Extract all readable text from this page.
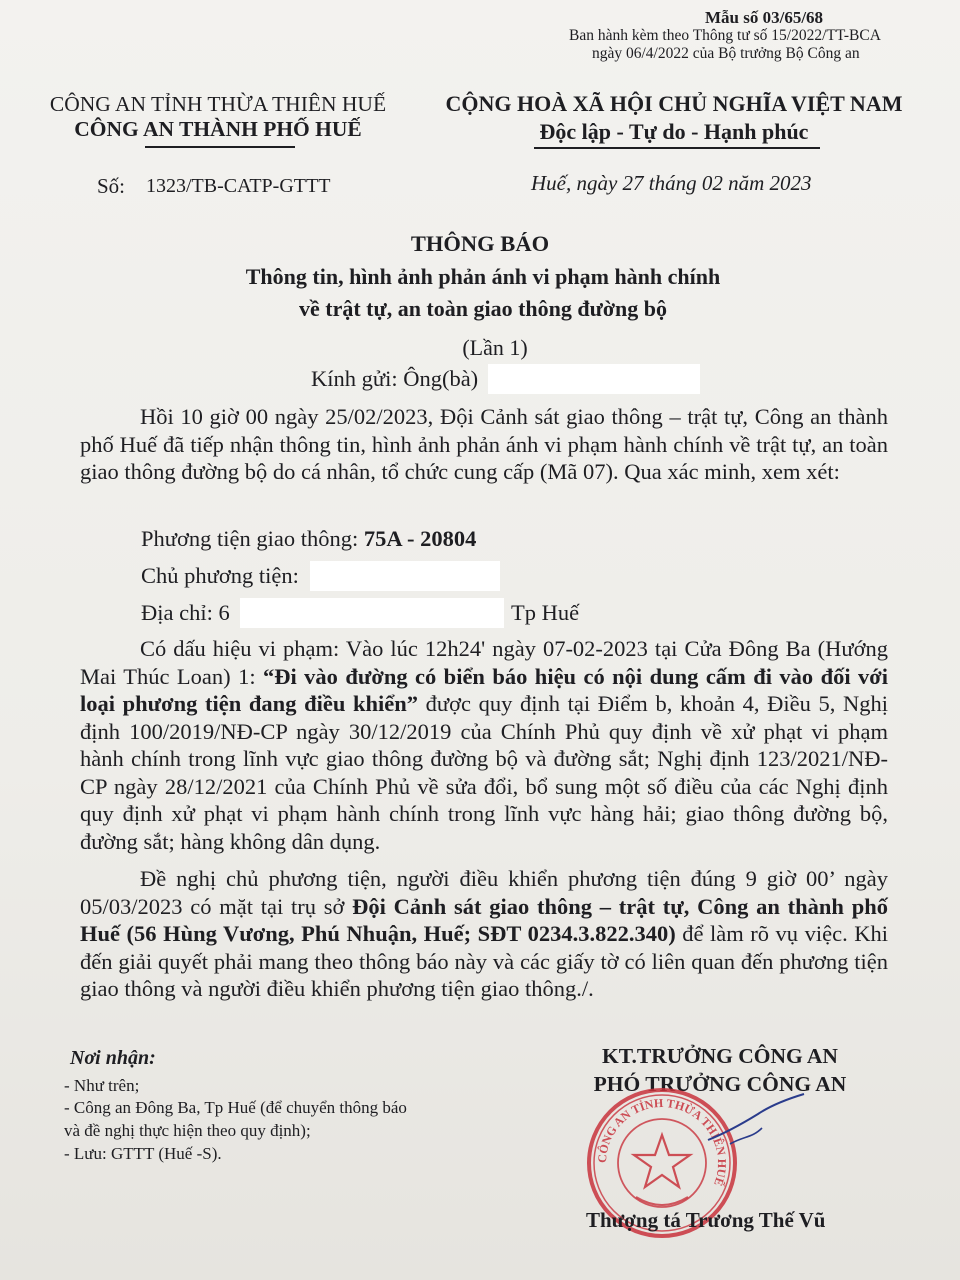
Mẫu số 03/65/68
Ban hành kèm theo Thông tư số 15/2022/TT-BCA
ngày 06/4/2022 của Bộ trưởng Bộ Công an
CÔNG AN TỈNH THỪA THIÊN HUẾ
CÔNG AN THÀNH PHỐ HUẾ
Số: 1323/TB-CATP-GTTT
CỘNG HOÀ XÃ HỘI CHỦ NGHĨA VIỆT NAM
Độc lập - Tự do - Hạnh phúc
Huế, ngày 27 tháng 02 năm 2023
THÔNG BÁO
Thông tin, hình ảnh phản ánh vi phạm hành chính
về trật tự, an toàn giao thông đường bộ
(Lần 1)
Kính gửi: Ông(bà)

Hồi 10 giờ 00 ngày 25/02/2023, Đội Cảnh sát giao thông – trật tự, Công an thành phố Huế đã tiếp nhận thông tin, hình ảnh phản ánh vi phạm hành chính về trật tự, an toàn giao thông đường bộ do cá nhân, tổ chức cung cấp (Mã 07). Qua xác minh, xem xét:

Phương tiện giao thông: 75A - 20804
Chủ phương tiện:
Địa chỉ: 6	Tp Huế

Có dấu hiệu vi phạm: Vào lúc 12h24' ngày 07-02-2023 tại Cửa Đông Ba (Hướng Mai Thúc Loan) 1: “Đi vào đường có biển báo hiệu có nội dung cấm đi vào đối với loại phương tiện đang điều khiển” được quy định tại Điểm b, khoản 4, Điều 5, Nghị định 100/2019/NĐ-CP ngày 30/12/2019 của Chính Phủ quy định về xử phạt vi phạm hành chính trong lĩnh vực giao thông đường bộ và đường sắt; Nghị định 123/2021/NĐ-CP ngày 28/12/2021 của Chính Phủ về sửa đổi, bổ sung một số điều của các Nghị định quy định xử phạt vi phạm hành chính trong lĩnh vực hàng hải; giao thông đường bộ, đường sắt; hàng không dân dụng.

Đề nghị chủ phương tiện, người điều khiển phương tiện đúng 9 giờ 00’ ngày 05/03/2023 có mặt tại trụ sở Đội Cảnh sát giao thông – trật tự, Công an thành phố Huế (56 Hùng Vương, Phú Nhuận, Huế; SĐT 0234.3.822.340) để làm rõ vụ việc. Khi đến giải quyết phải mang theo thông báo này và các giấy tờ có liên quan đến phương tiện giao thông và người điều khiển phương tiện giao thông./.

Nơi nhận:
- Như trên;
- Công an Đông Ba, Tp Huế (để chuyển thông báo
và đề nghị thực hiện theo quy định);
- Lưu: GTTT (Huế -S).
KT.TRƯỞNG CÔNG AN
PHÓ TRƯỞNG CÔNG AN
CÔNG AN TỈNH THỪA THIÊN HUẾ
Thượng tá Trương Thế Vũ
